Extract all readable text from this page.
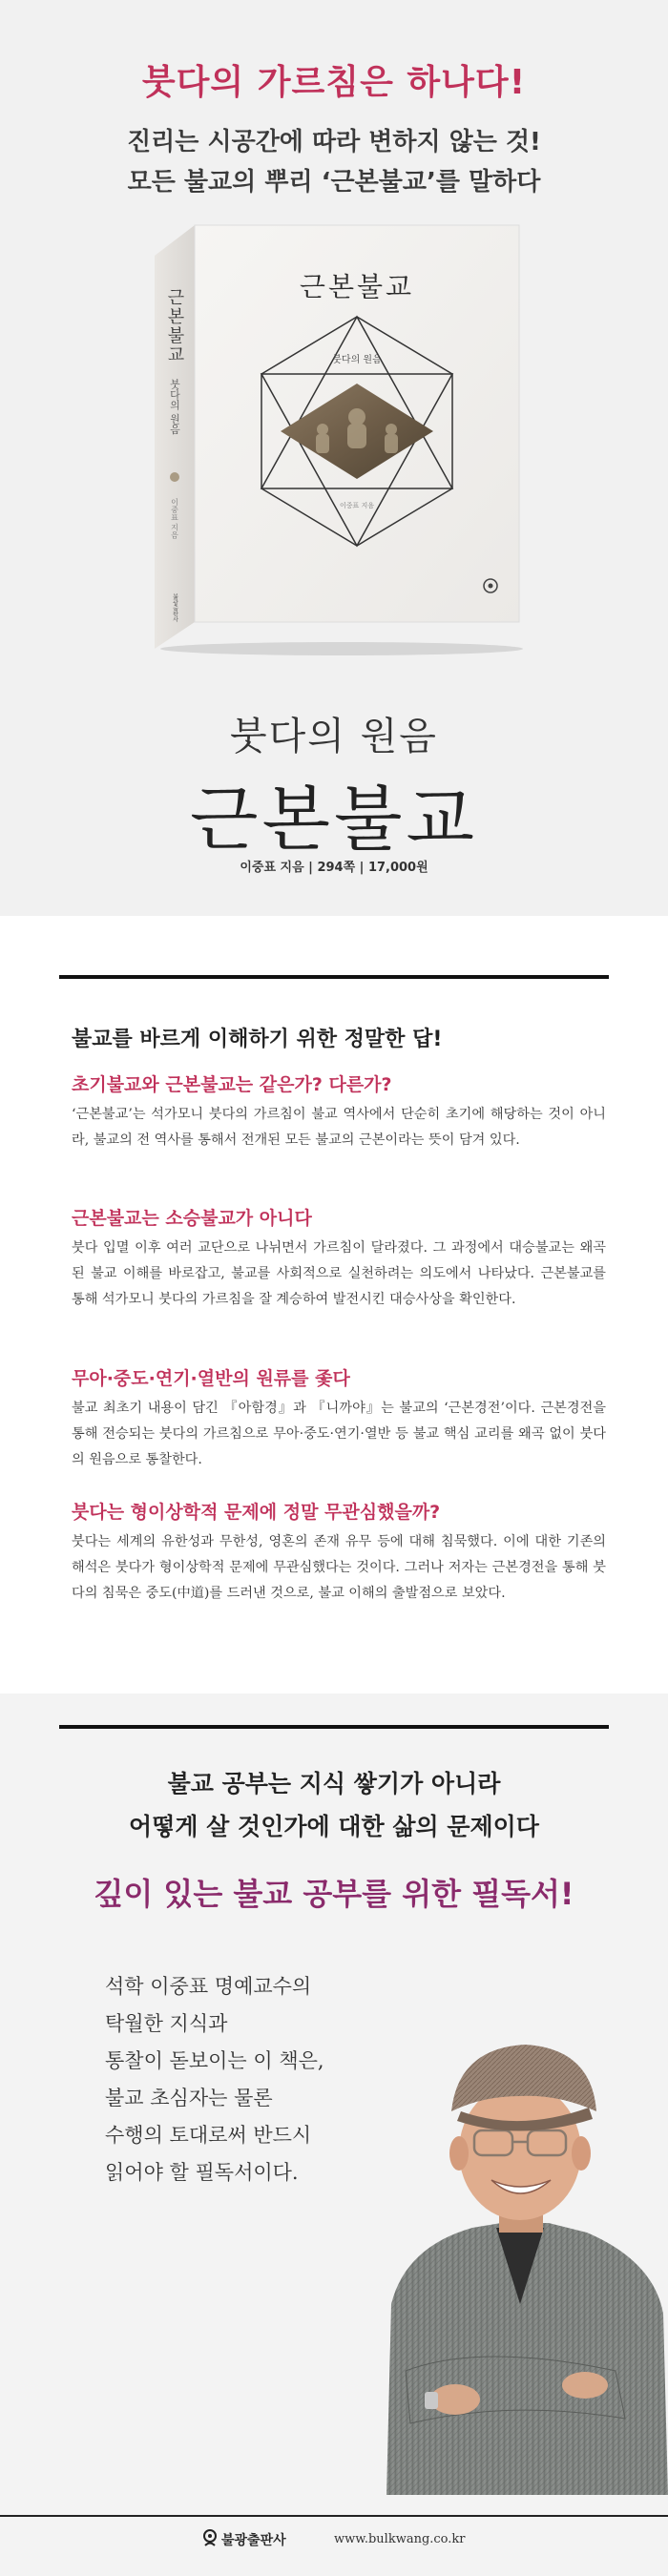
붓다의 가르침은 하나다!
진리는 시공간에 따라 변하지 않는 것!
모든 불교의 뿌리 ‘근본불교’를 말하다
근본불교
붓다의 원음
이중표 지음
불광출판사
근본불교
붓다의 원음
이중표 지음
붓다의 원음
근본불교
이중표 지음 | 294쪽 | 17,000원
불교를 바르게 이해하기 위한 정말한 답!
초기불교와 근본불교는 같은가? 다른가?
‘근본불교’는 석가모니 붓다의 가르침이 불교 역사에서 단순히 초기에 해당하는 것이 아니라, 불교의 전 역사를 통해서 전개된 모든 불교의 근본이라는 뜻이 담겨 있다.
근본불교는 소승불교가 아니다
붓다 입멸 이후 여러 교단으로 나뉘면서 가르침이 달라졌다. 그 과정에서 대승불교는 왜곡된 불교 이해를 바로잡고, 불교를 사회적으로 실천하려는 의도에서 나타났다. 근본불교를 통해 석가모니 붓다의 가르침을 잘 계승하여 발전시킨 대승사상을 확인한다.
무아·중도·연기·열반의 원류를 좇다
불교 최초기 내용이 담긴 『아함경』과 『니까야』는 불교의 ‘근본경전’이다. 근본경전을 통해 전승되는 붓다의 가르침으로 무아·중도·연기·열반 등 불교 핵심 교리를 왜곡 없이 붓다의 원음으로 통찰한다.
붓다는 형이상학적 문제에 정말 무관심했을까?
붓다는 세계의 유한성과 무한성, 영혼의 존재 유무 등에 대해 침묵했다. 이에 대한 기존의 해석은 붓다가 형이상학적 문제에 무관심했다는 것이다. 그러나 저자는 근본경전을 통해 붓다의 침묵은 중도(中道)를 드러낸 것으로, 불교 이해의 출발점으로 보았다.
불교 공부는 지식 쌓기가 아니라
어떻게 살 것인가에 대한 삶의 문제이다
깊이 있는 불교 공부를 위한 필독서!
석학 이중표 명예교수의
탁월한 지식과
통찰이 돋보이는 이 책은,
불교 초심자는 물론
수행의 토대로써 반드시
읽어야 할 필독서이다.
불광출판사	www.bulkwang.co.kr
